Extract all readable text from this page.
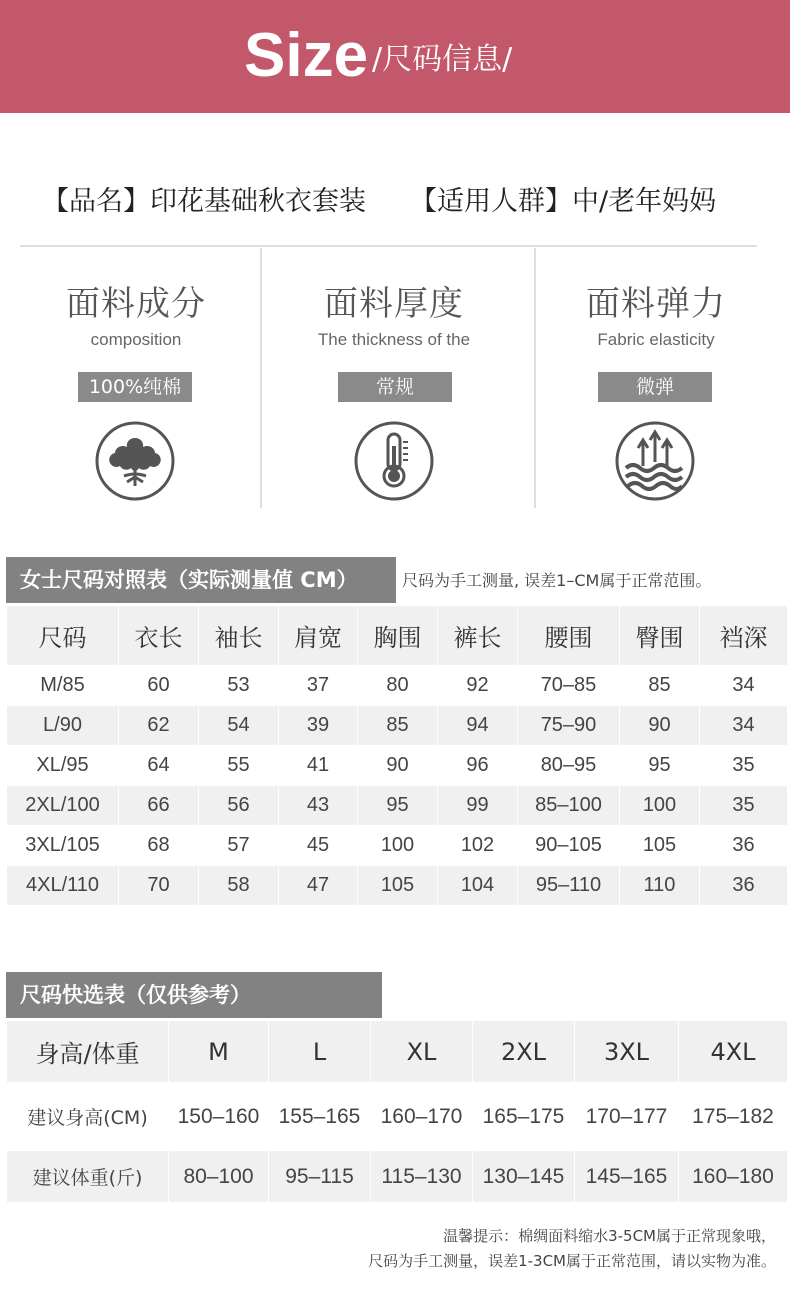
Size /尺码信息/
【品名】印花基础秋衣套装 【适用人群】中/老年妈妈
面料成分
composition
100%纯棉
面料厚度
The thickness of the
常规
面料弹力
Fabric elasticity
微弹
女士尺码对照表（实际测量值 CM）	尺码为手工测量, 误差1–CM属于正常范围。
尺码	衣长	袖长	肩宽	胸围	裤长	腰围	臀围	裆深
M/85	60	53	37	80	92	70–85	85	34
L/90	62	54	39	85	94	75–90	90	34
XL/95	64	55	41	90	96	80–95	95	35
2XL/100	66	56	43	95	99	85–100	100	35
3XL/105	68	57	45	100	102	90–105	105	36
4XL/110	70	58	47	105	104	95–110	110	36
尺码快选表（仅供参考）
身高/体重	M	L	XL	2XL	3XL	4XL
建议身高(CM)	150–160	155–165	160–170	165–175	170–177	175–182
建议体重(斤)	80–100	95–115	115–130	130–145	145–165	160–180
温馨提示：棉绸面料缩水3-5CM属于正常现象哦，
尺码为手工测量，误差1-3CM属于正常范围，请以实物为准。
